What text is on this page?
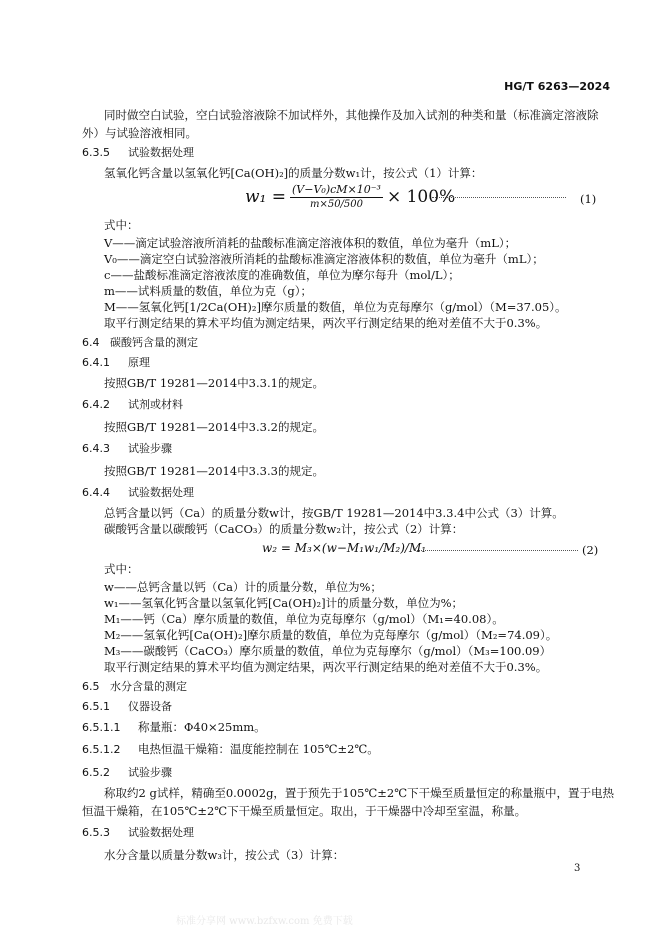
HG/T 6263—2024
同时做空白试验，空白试验溶液除不加试样外，其他操作及加入试剂的种类和量（标准滴定溶液除
外）与试验溶液相同。
6.3.5 试验数据处理
氢氧化钙含量以氢氧化钙[Ca(OH)₂]的质量分数w₁计，按公式（1）计算：
$w_1 = \frac{\text{(V−V₀)cM×10⁻³}}{m\times 50/500} \times 100\%$	(1)
式中：
V——滴定试验溶液所消耗的盐酸标准滴定溶液体积的数值，单位为毫升（mL）；
V₀——滴定空白试验溶液所消耗的盐酸标准滴定溶液体积的数值，单位为毫升（mL）；
c——盐酸标准滴定溶液浓度的准确数值，单位为摩尔每升（mol/L）；
m——试料质量的数值，单位为克（g）；
M——氢氧化钙[1/2Ca(OH)₂]摩尔质量的数值，单位为克每摩尔（g/mol）（M=37.05）。
取平行测定结果的算术平均值为测定结果，两次平行测定结果的绝对差值不大于0.3%。
6.4 碳酸钙含量的测定
6.4.1 原理
按照GB/T 19281—2014中3.3.1的规定。
6.4.2 试剂或材料
按照GB/T 19281—2014中3.3.2的规定。
6.4.3 试验步骤
按照GB/T 19281—2014中3.3.3的规定。
6.4.4 试验数据处理
总钙含量以钙（Ca）的质量分数w计，按GB/T 19281—2014中3.3.4中公式（3）计算。
碳酸钙含量以碳酸钙（CaCO₃）的质量分数w₂计，按公式（2）计算：
w₂ = M₃×(w−M₁w₁/M₂)/M₁	(2)
式中：
w——总钙含量以钙（Ca）计的质量分数，单位为%；
w₁——氢氧化钙含量以氢氧化钙[Ca(OH)₂]计的质量分数，单位为%；
M₁——钙（Ca）摩尔质量的数值，单位为克每摩尔（g/mol）（M₁=40.08）。
M₂——氢氧化钙[Ca(OH)₂]摩尔质量的数值，单位为克每摩尔（g/mol）（M₂=74.09）。
M₃——碳酸钙（CaCO₃）摩尔质量的数值，单位为克每摩尔（g/mol）（M₃=100.09）
取平行测定结果的算术平均值为测定结果，两次平行测定结果的绝对差值不大于0.3%。
6.5 水分含量的测定
6.5.1 仪器设备
6.5.1.1 称量瓶：Φ40×25mm。
6.5.1.2 电热恒温干燥箱：温度能控制在 105℃±2℃。
6.5.2 试验步骤
称取约2 g试样，精确至0.0002g，置于预先于105℃±2℃下干燥至质量恒定的称量瓶中，置于电热
恒温干燥箱，在105℃±2℃下干燥至质量恒定。取出，于干燥器中冷却至室温，称量。
6.5.3 试验数据处理
水分含量以质量分数w₃计，按公式（3）计算：
3
标准分享网 www.bzfxw.com 免费下载
